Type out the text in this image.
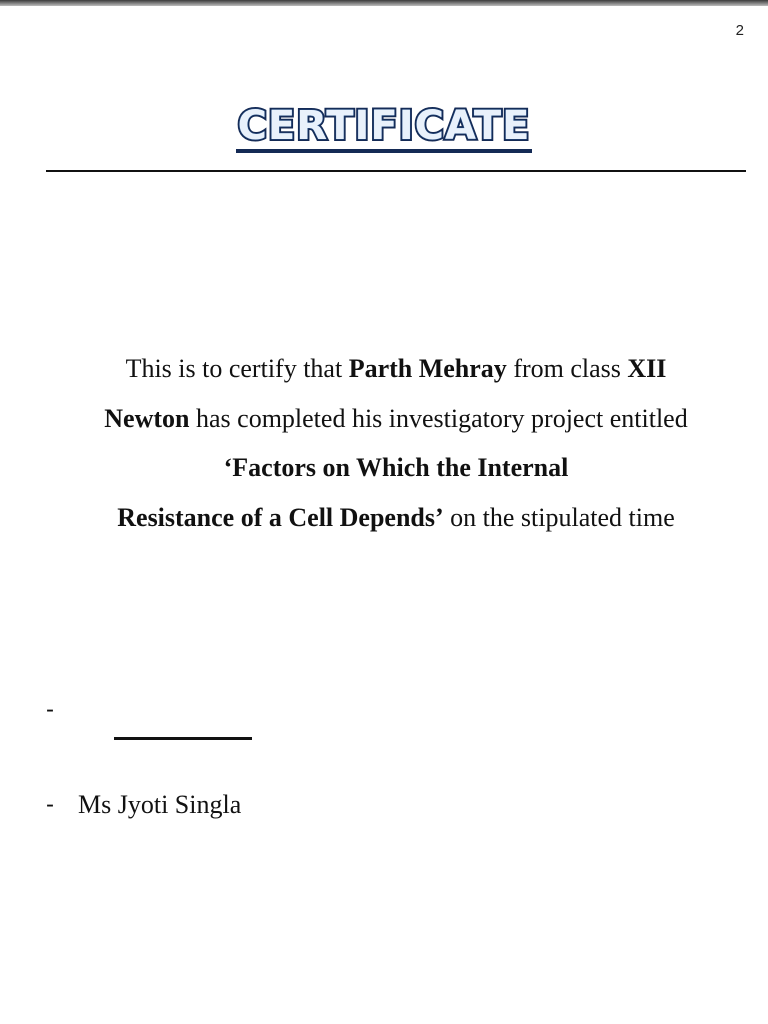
2
CERTIFICATE
This is to certify that Parth Mehray from class XII
Newton has completed his investigatory project entitled
‘Factors on Which the Internal
Resistance of a Cell Depends’ on the stipulated time
-
- Ms Jyoti Singla
